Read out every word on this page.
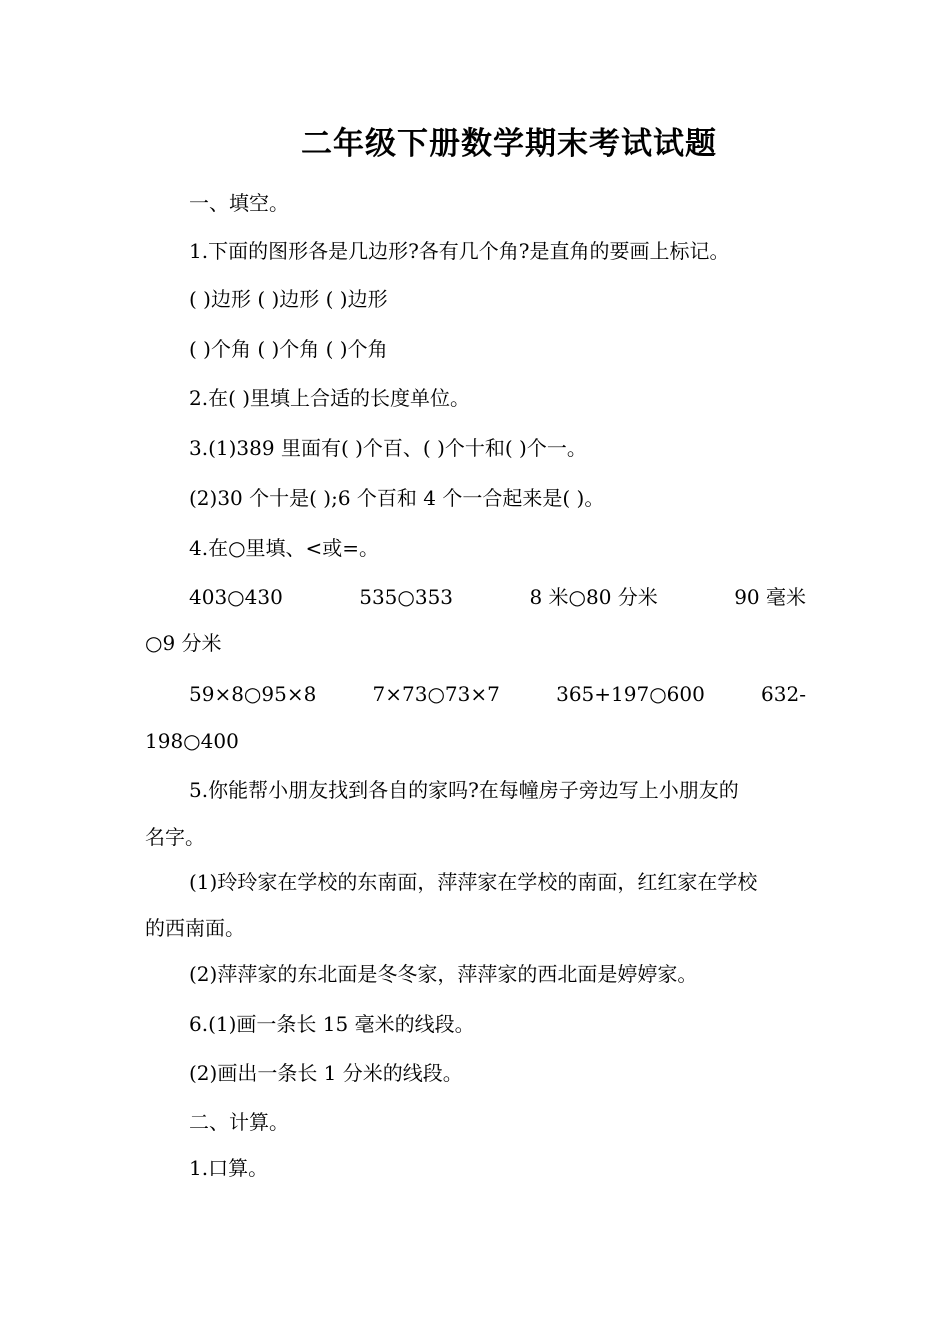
二年级下册数学期末考试试题
一、填空。
1.下面的图形各是几边形?各有几个角?是直角的要画上标记。
( )边形 ( )边形 ( )边形
( )个角 ( )个角 ( )个角
2.在( )里填上合适的长度单位。
3.(1)389 里面有( )个百、( )个十和( )个一。
(2)30 个十是( );6 个百和 4 个一合起来是( )。
4.在○里填、<或=。
403○430	535○353	8 米○80 分米	90 毫米
○9 分米
59×8○95×8	7×73○73×7	365+197○600	632-
198○400
5.你能帮小朋友找到各自的家吗?在每幢房子旁边写上小朋友的
名字。
(1)玲玲家在学校的东南面，萍萍家在学校的南面，红红家在学校
的西南面。
(2)萍萍家的东北面是冬冬家，萍萍家的西北面是婷婷家。
6.(1)画一条长 15 毫米的线段。
(2)画出一条长 1 分米的线段。
二、计算。
1.口算。
